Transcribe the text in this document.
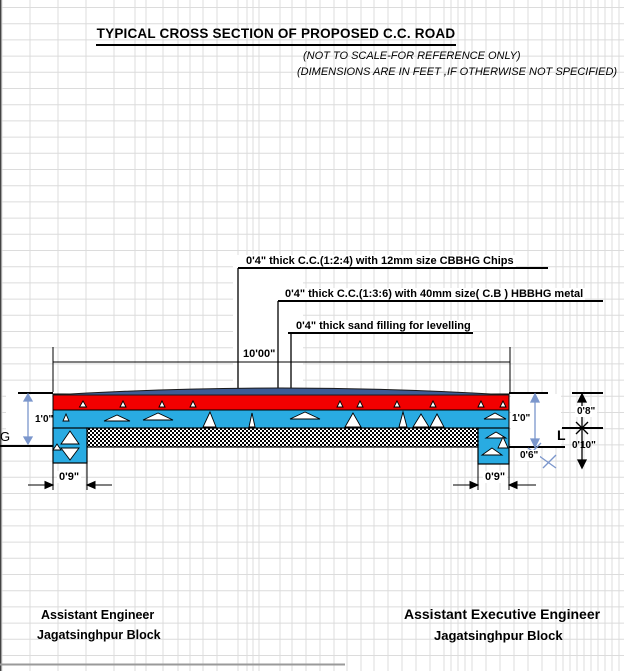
TYPICAL CROSS SECTION OF PROPOSED C.C. ROAD
(NOT TO SCALE-FOR REFERENCE ONLY)
(DIMENSIONS ARE IN FEET ,IF OTHERWISE NOT SPECIFIED)
0'4" thick C.C.(1:2:4) with 12mm size CBBHG Chips
0'4" thick C.C.(1:3:6) with 40mm size( C.B ) HBBHG metal
0'4" thick sand filling for levelling
10'00"
1'0"	1'0"
0'8"
0'10"
0'6"
0'9"	0'9"
G	L
Assistant Engineer
Jagatsinghpur Block
Assistant Executive Engineer
Jagatsinghpur Block
